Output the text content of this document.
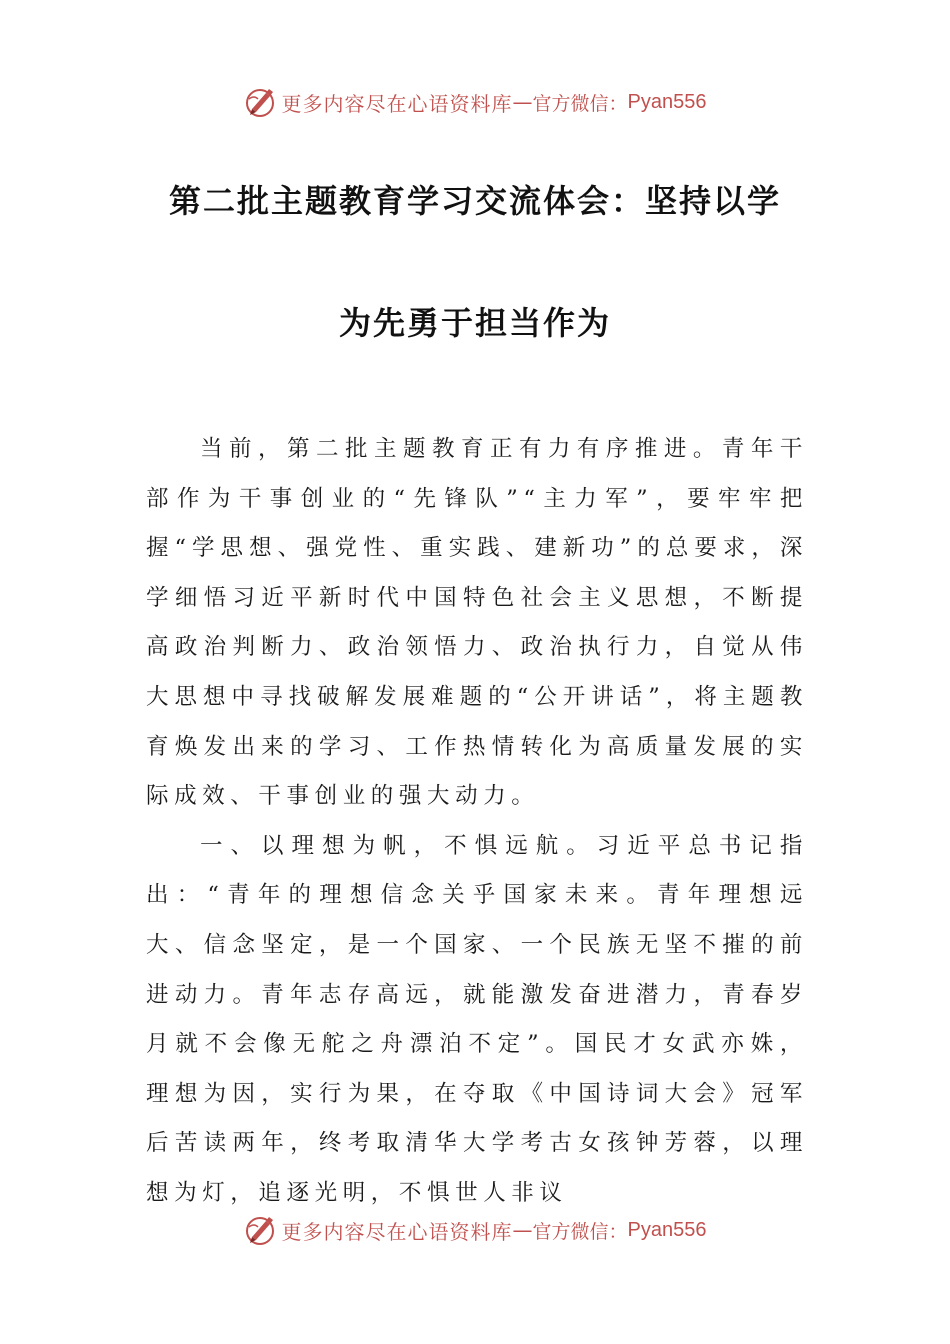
更多内容尽在心语资料库 — 官方微信： Pyan556
第二批主题教育学习交流体会：坚持以学
为先勇于担当作为

当前，第二批主题教育正有力有序推进。青年干部作为干事创业的“先锋队”“主力军”，要牢牢把握“学思想、强党性、重实践、建新功”的总要求，深学细悟习近平新时代中国特色社会主义思想，不断提高政治判断力、政治领悟力、政治执行力，自觉从伟大思想中寻找破解发展难题的“公开讲话”，将主题教育焕发出来的学习、工作热情转化为高质量发展的实际成效、干事创业的强大动力。

一、以理想为帆，不惧远航。习近平总书记指出：“青年的理想信念关乎国家未来。青年理想远大、信念坚定，是一个国家、一个民族无坚不摧的前进动力。青年志存高远，就能激发奋进潜力，青春岁月就不会像无舵之舟漂泊不定”。国民才女武亦姝，理想为因，实行为果，在夺取《中国诗词大会》冠军后苦读两年，终考取清华大学考古女孩钟芳蓉，以理想为灯，追逐光明，不惧世人非议

更多内容尽在心语资料库 — 官方微信： Pyan556
